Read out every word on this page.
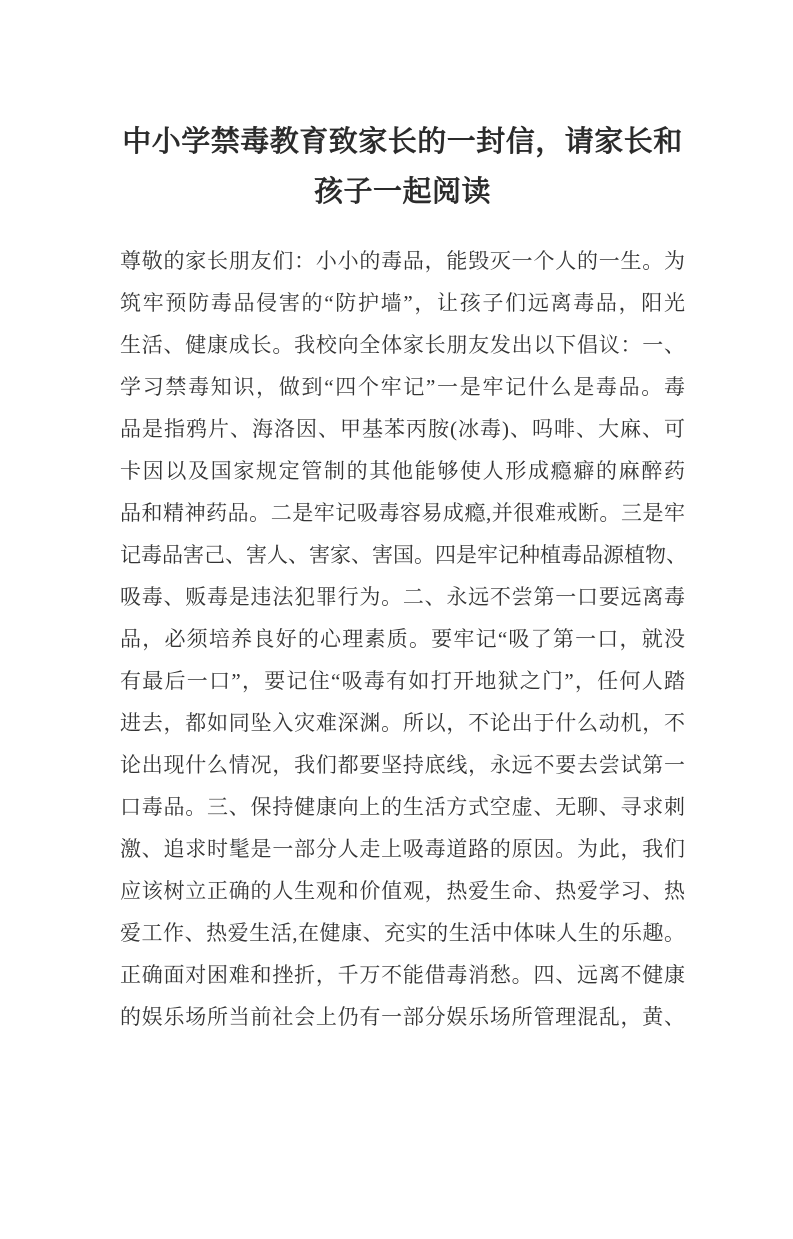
中小学禁毒教育致家长的一封信，请家长和
孩子一起阅读
尊敬的家长朋友们：小小的毒品，能毁灭一个人的一生。为
筑牢预防毒品侵害的“防护墙”，让孩子们远离毒品，阳光
生活、健康成长。我校向全体家长朋友发出以下倡议：一、
学习禁毒知识，做到“四个牢记”一是牢记什么是毒品。毒
品是指鸦片、海洛因、甲基苯丙胺(冰毒)、吗啡、大麻、可
卡因以及国家规定管制的其他能够使人形成瘾癖的麻醉药
品和精神药品。二是牢记吸毒容易成瘾,并很难戒断。三是牢
记毒品害己、害人、害家、害国。四是牢记种植毒品源植物、
吸毒、贩毒是违法犯罪行为。二、永远不尝第一口要远离毒
品，必须培养良好的心理素质。要牢记“吸了第一口，就没
有最后一口”，要记住“吸毒有如打开地狱之门”，任何人踏
进去，都如同坠入灾难深渊。所以，不论出于什么动机，不
论出现什么情况，我们都要坚持底线，永远不要去尝试第一
口毒品。三、保持健康向上的生活方式空虚、无聊、寻求刺
激、追求时髦是一部分人走上吸毒道路的原因。为此，我们
应该树立正确的人生观和价值观，热爱生命、热爱学习、热
爱工作、热爱生活,在健康、充实的生活中体味人生的乐趣。
正确面对困难和挫折，千万不能借毒消愁。四、远离不健康
的娱乐场所当前社会上仍有一部分娱乐场所管理混乱，黄、
